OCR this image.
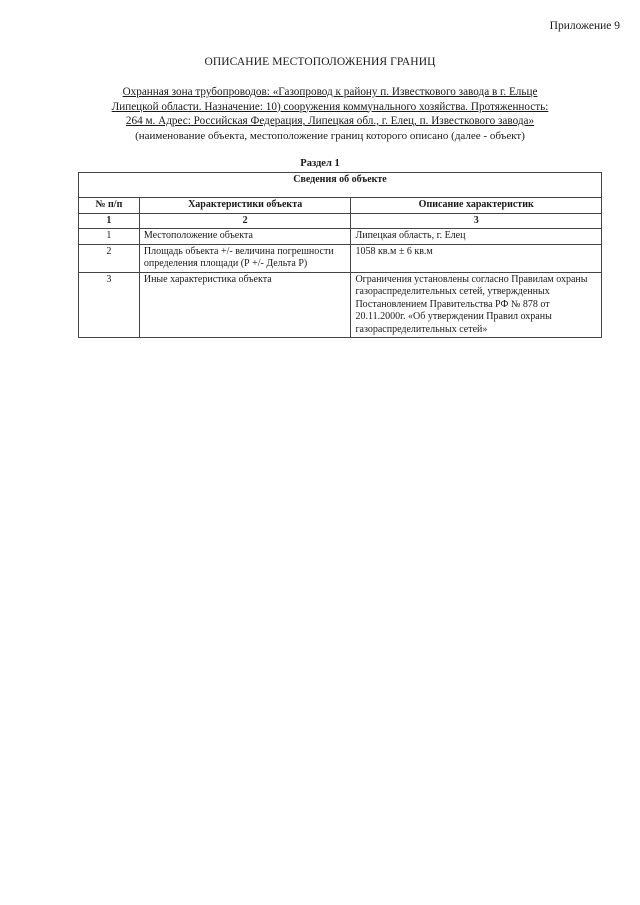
Приложение 9
ОПИСАНИЕ МЕСТОПОЛОЖЕНИЯ ГРАНИЦ
Охранная зона трубопроводов: «Газопровод к району п. Известкового завода в г. Ельце
Липецкой области. Назначение: 10) сооружения коммунального хозяйства. Протяженность:
264 м. Адрес: Российская Федерация, Липецкая обл., г. Елец, п. Известкового завода»
(наименование объекта, местоположение границ которого описано (далее - объект)
Раздел 1
Сведения об объекте		
№ п/п	Характеристики объекта	Описание характеристик
1	2	3
1	Местоположение объекта	Липецкая область, г. Елец
2	Площадь объекта +/- величина погрешности определения площади (Р +/- Дельта Р)	1058 кв.м ± 6 кв.м
3	Иные характеристика объекта	Ограничения установлены согласно Правилам охраны газораспределительных сетей, утвержденных Постановлением Правительства РФ № 878 от 20.11.2000г. «Об утверждении Правил охраны газораспределительных сетей»
